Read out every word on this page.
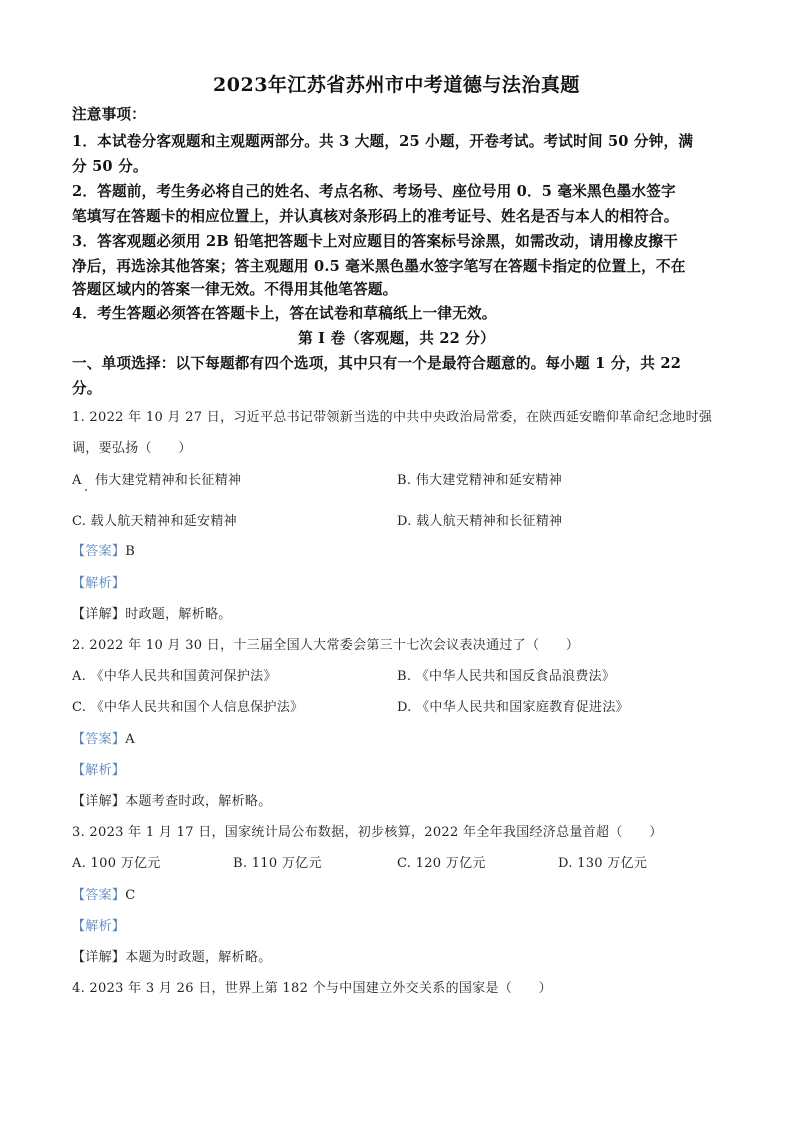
2023年江苏省苏州市中考道德与法治真题
注意事项：
1．本试卷分客观题和主观题两部分。共 3 大题，25 小题，开卷考试。考试时间 50 分钟，满
分 50 分。
2．答题前，考生务必将自己的姓名、考点名称、考场号、座位号用 0．5 毫米黑色墨水签字
笔填写在答题卡的相应位置上，并认真核对条形码上的准考证号、姓名是否与本人的相符合。
3．答客观题必须用 2B 铅笔把答题卡上对应题目的答案标号涂黑，如需改动，请用橡皮擦干
净后，再选涂其他答案；答主观题用 0.5 毫米黑色墨水签字笔写在答题卡指定的位置上，不在
答题区域内的答案一律无效。不得用其他笔答题。
4．考生答题必须答在答题卡上，答在试卷和草稿纸上一律无效。
第 I 卷（客观题，共 22 分）
一、单项选择：以下每题都有四个选项，其中只有一个是最符合题意的。每小题 1 分，共 22
分。
1. 2022 年 10 月 27 日，习近平总书记带领新当选的中共中央政治局常委，在陕西延安瞻仰革命纪念地时强
调，要弘扬（　　）
A　伟大建党精神和长征精神	B. 伟大建党精神和延安精神
C. 载人航天精神和延安精神	D. 载人航天精神和长征精神
【答案】B
【解析】
【详解】时政题，解析略。
2. 2022 年 10 月 30 日，十三届全国人大常委会第三十七次会议表决通过了（　　）
A. 《中华人民共和国黄河保护法》	B. 《中华人民共和国反食品浪费法》
C. 《中华人民共和国个人信息保护法》	D. 《中华人民共和国家庭教育促进法》
【答案】A
【解析】
【详解】本题考查时政，解析略。
3. 2023 年 1 月 17 日，国家统计局公布数据，初步核算，2022 年全年我国经济总量首超（　　）
A. 100 万亿元	B. 110 万亿元	C. 120 万亿元	D. 130 万亿元
【答案】C
【解析】
【详解】本题为时政题，解析略。
4. 2023 年 3 月 26 日，世界上第 182 个与中国建立外交关系的国家是（　　）
